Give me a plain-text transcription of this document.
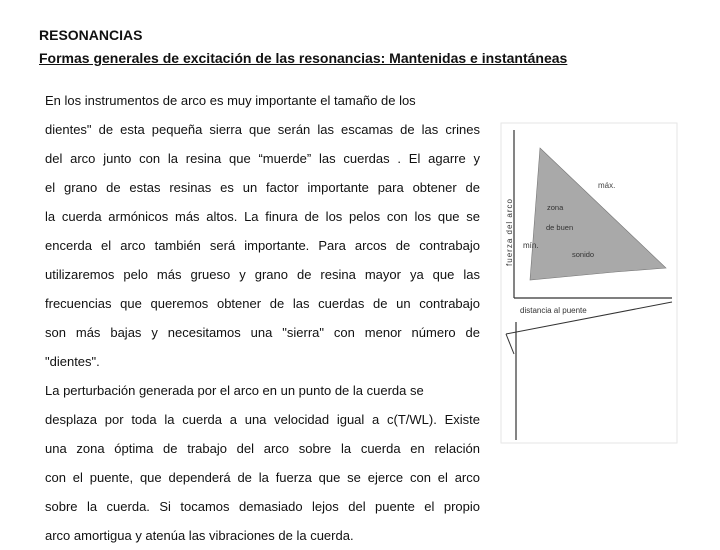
RESONANCIAS
Formas generales de excitación de las resonancias: Mantenidas e instantáneas
En los instrumentos de arco es muy importante el tamaño de los
dientes" de esta pequeña sierra que serán las escamas de las crines
del arco junto con la resina que “muerde” las cuerdas . El agarre y
el grano de estas resinas es un factor importante para obtener de
la cuerda armónicos más altos. La finura de los pelos con los que se
encerda el arco también será importante. Para arcos de contrabajo
utilizaremos pelo más grueso y grano de resina mayor ya que las
frecuencias que queremos obtener de las cuerdas de un contrabajo
son más bajas y necesitamos una "sierra" con menor número de
"dientes".
La perturbación generada por el arco en un punto de la cuerda se
desplaza por toda la cuerda a una velocidad igual a c(T/WL). Existe
una zona óptima de trabajo del arco sobre la cuerda en relación
con el puente, que dependerá de la fuerza que se ejerce con el arco
sobre la cuerda. Si tocamos demasiado lejos del puente el propio
arco amortigua y atenúa las vibraciones de la cuerda.
fuerza del arco
máx.
mín.
zona
de buen
sonido
distancia al puente
